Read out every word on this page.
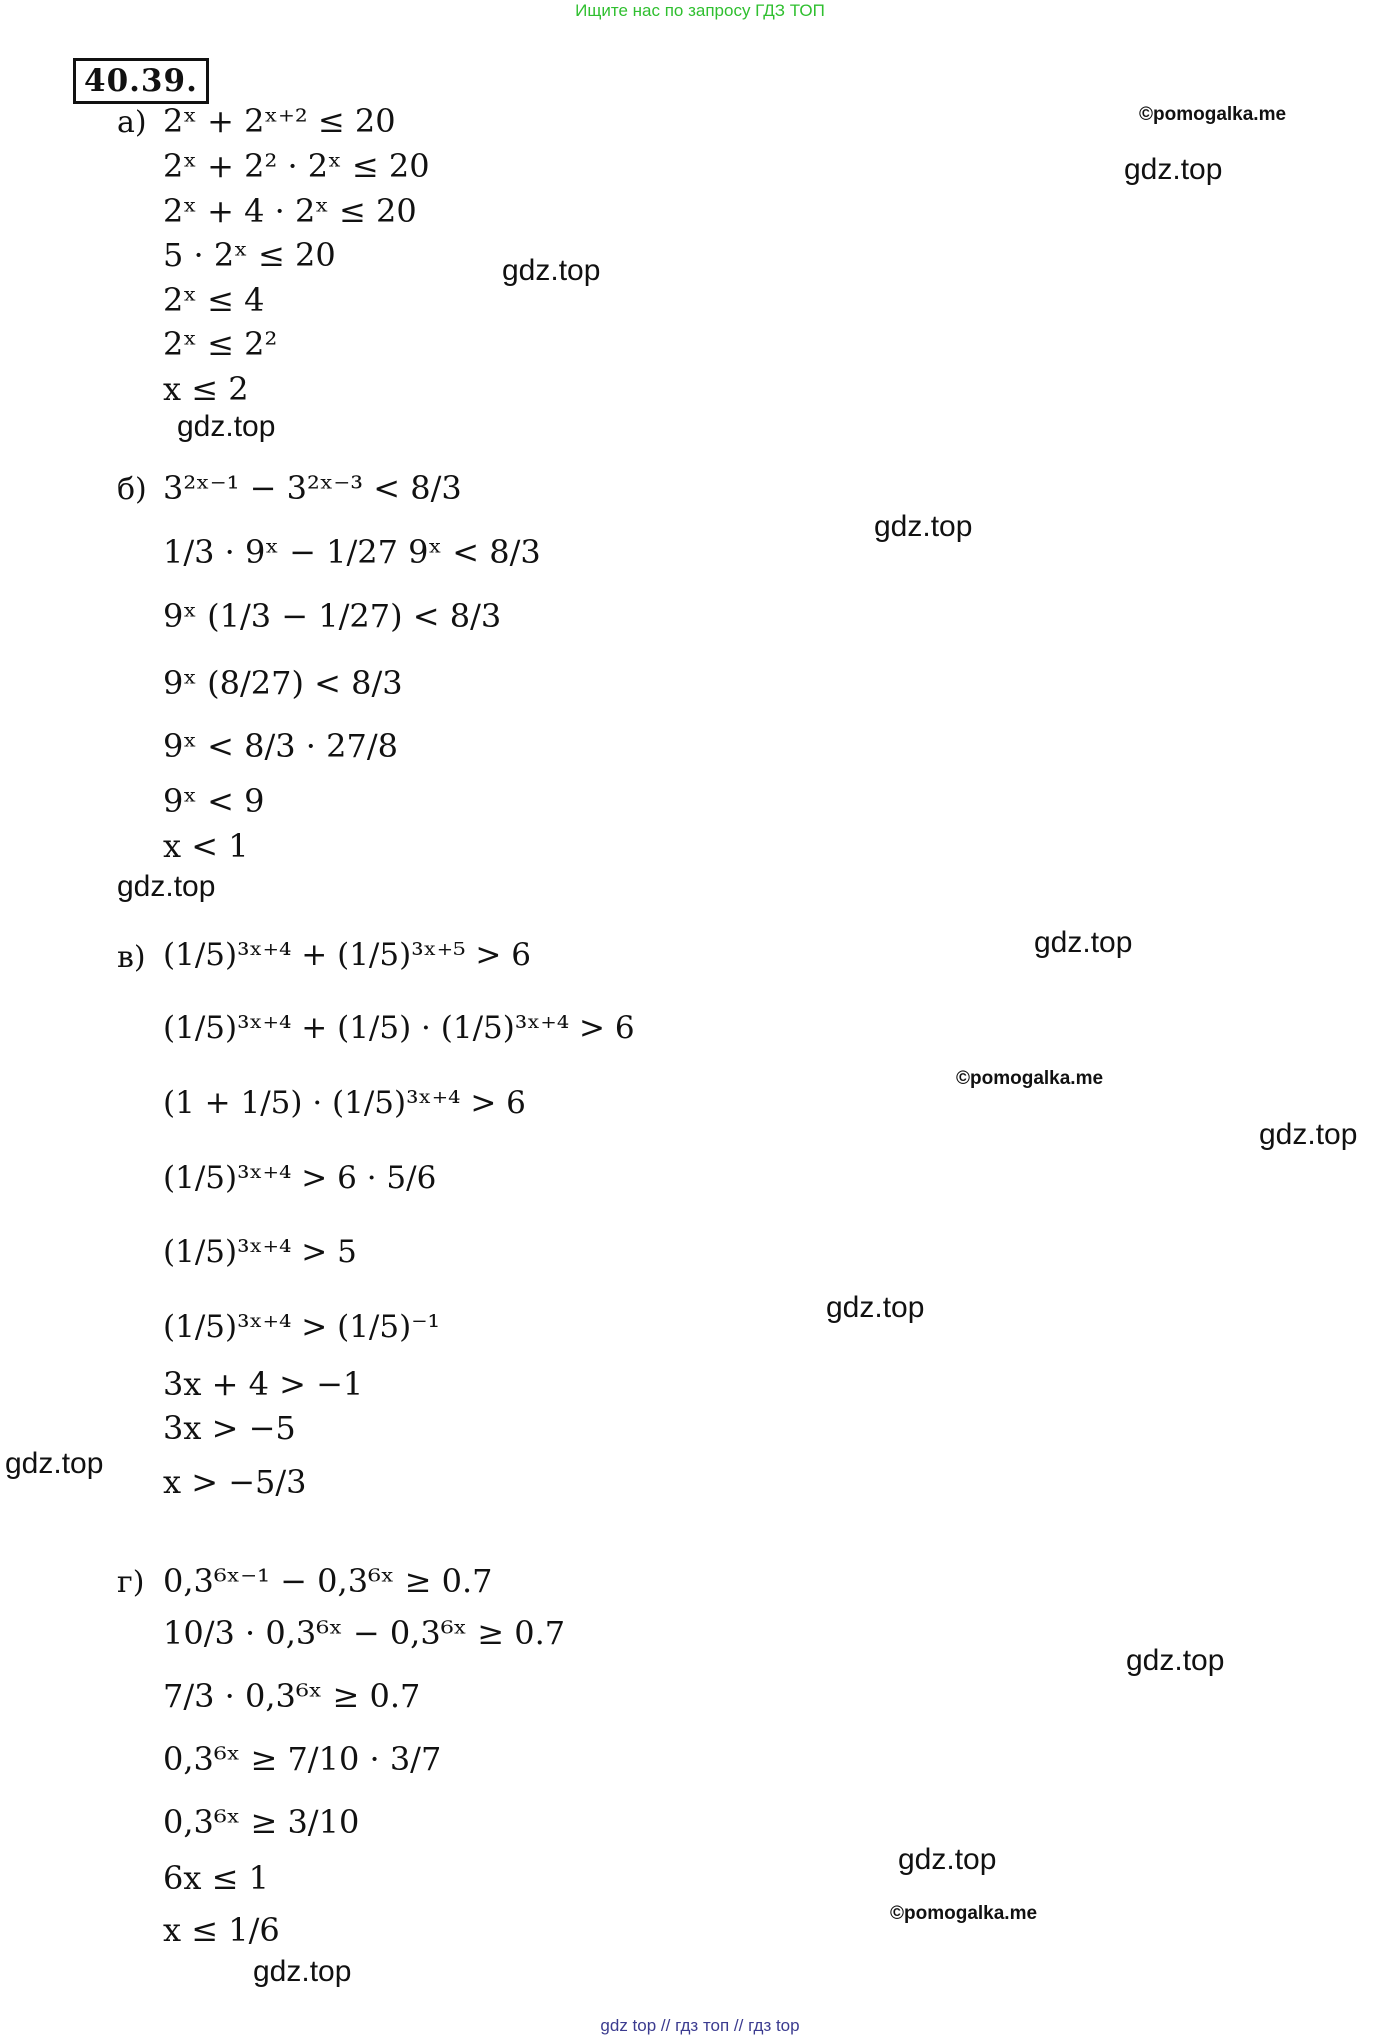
Ищите нас по запросу ГДЗ ТОП
40.39.
©pomogalka.me
©pomogalka.me
©pomogalka.me
gdz.top
gdz.top
gdz.top
gdz.top
gdz.top
gdz.top
gdz.top
gdz.top
gdz.top
gdz.top
gdz.top
gdz.top
а) 2ˣ + 2ˣ⁺² ≤ 20
2ˣ + 2² · 2ˣ ≤ 20
2ˣ + 4 · 2ˣ ≤ 20
5 · 2ˣ ≤ 20
2ˣ ≤ 4
2ˣ ≤ 2²
x ≤ 2
б) 3²ˣ⁻¹ − 3²ˣ⁻³ < 8/3
1/3 · 9ˣ − 1/27 9ˣ < 8/3
9ˣ (1/3 − 1/27) < 8/3
9ˣ (8/27) < 8/3
9ˣ < 8/3 · 27/8
9ˣ < 9
x < 1
в) (1/5)³ˣ⁺⁴ + (1/5)³ˣ⁺⁵ > 6
(1/5)³ˣ⁺⁴ + (1/5) · (1/5)³ˣ⁺⁴ > 6
(1 + 1/5) · (1/5)³ˣ⁺⁴ > 6
(1/5)³ˣ⁺⁴ > 6 · 5/6
(1/5)³ˣ⁺⁴ > 5
(1/5)³ˣ⁺⁴ > (1/5)⁻¹
3x + 4 > −1
3x > −5
x > −5/3
г) 0,3⁶ˣ⁻¹ − 0,3⁶ˣ ≥ 0.7
10/3 · 0,3⁶ˣ − 0,3⁶ˣ ≥ 0.7
7/3 · 0,3⁶ˣ ≥ 0.7
0,3⁶ˣ ≥ 7/10 · 3/7
0,3⁶ˣ ≥ 3/10
6x ≤ 1
x ≤ 1/6
gdz top // гдз топ // гдз top
